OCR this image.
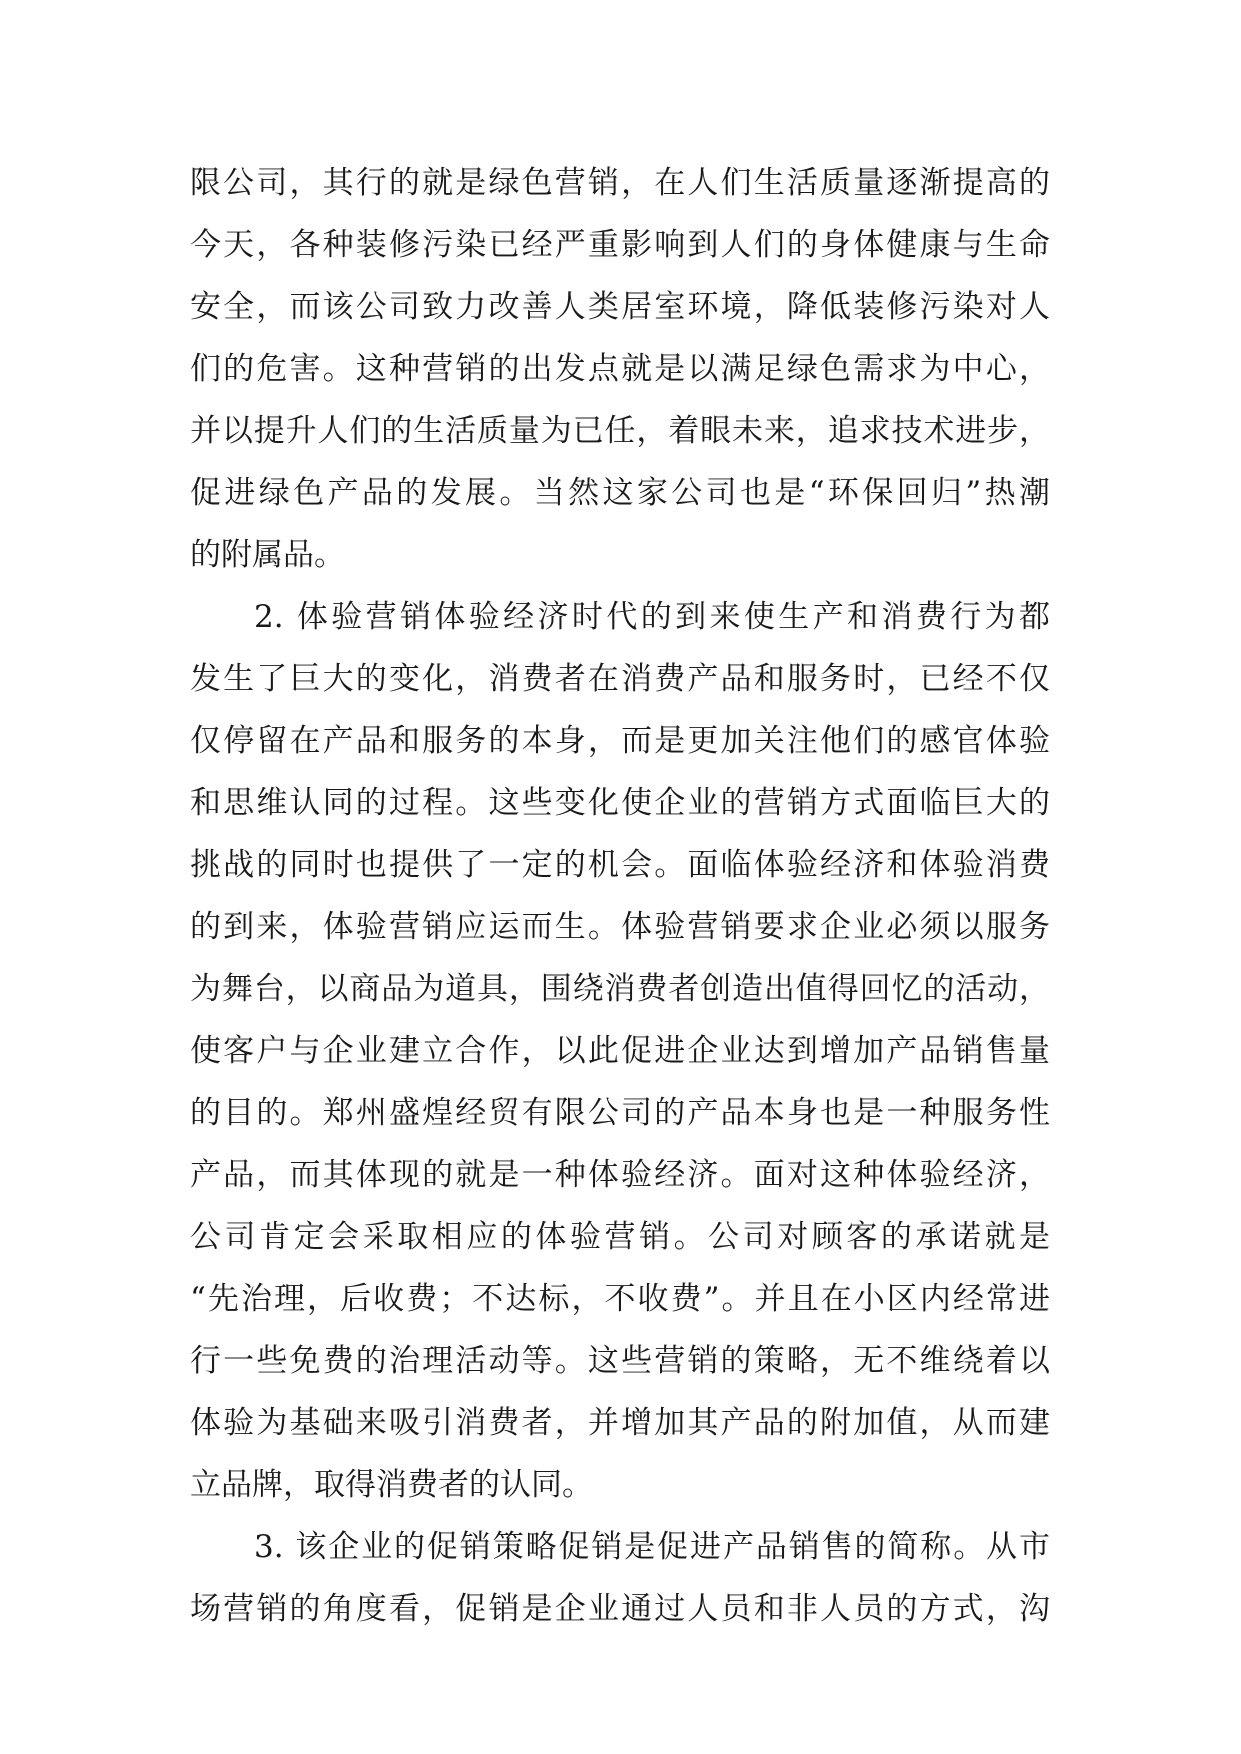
限公司，其行的就是绿色营销，在人们生活质量逐渐提高的
今天，各种装修污染已经严重影响到人们的身体健康与生命
安全，而该公司致力改善人类居室环境，降低装修污染对人
们的危害。这种营销的出发点就是以满足绿色需求为中心，
并以提升人们的生活质量为已任，着眼未来，追求技术进步，
促进绿色产品的发展。当然这家公司也是“环保回归”热潮
的附属品。
2. 体验营销体验经济时代的到来使生产和消费行为都
发生了巨大的变化，消费者在消费产品和服务时，已经不仅
仅停留在产品和服务的本身，而是更加关注他们的感官体验
和思维认同的过程。这些变化使企业的营销方式面临巨大的
挑战的同时也提供了一定的机会。面临体验经济和体验消费
的到来，体验营销应运而生。体验营销要求企业必须以服务
为舞台，以商品为道具，围绕消费者创造出值得回忆的活动，
使客户与企业建立合作，以此促进企业达到增加产品销售量
的目的。郑州盛煌经贸有限公司的产品本身也是一种服务性
产品，而其体现的就是一种体验经济。面对这种体验经济，
公司肯定会采取相应的体验营销。公司对顾客的承诺就是
“先治理，后收费；不达标，不收费”。并且在小区内经常进
行一些免费的治理活动等。这些营销的策略，无不维绕着以
体验为基础来吸引消费者，并增加其产品的附加值，从而建
立品牌，取得消费者的认同。
3. 该企业的促销策略促销是促进产品销售的简称。从市
场营销的角度看，促销是企业通过人员和非人员的方式，沟
